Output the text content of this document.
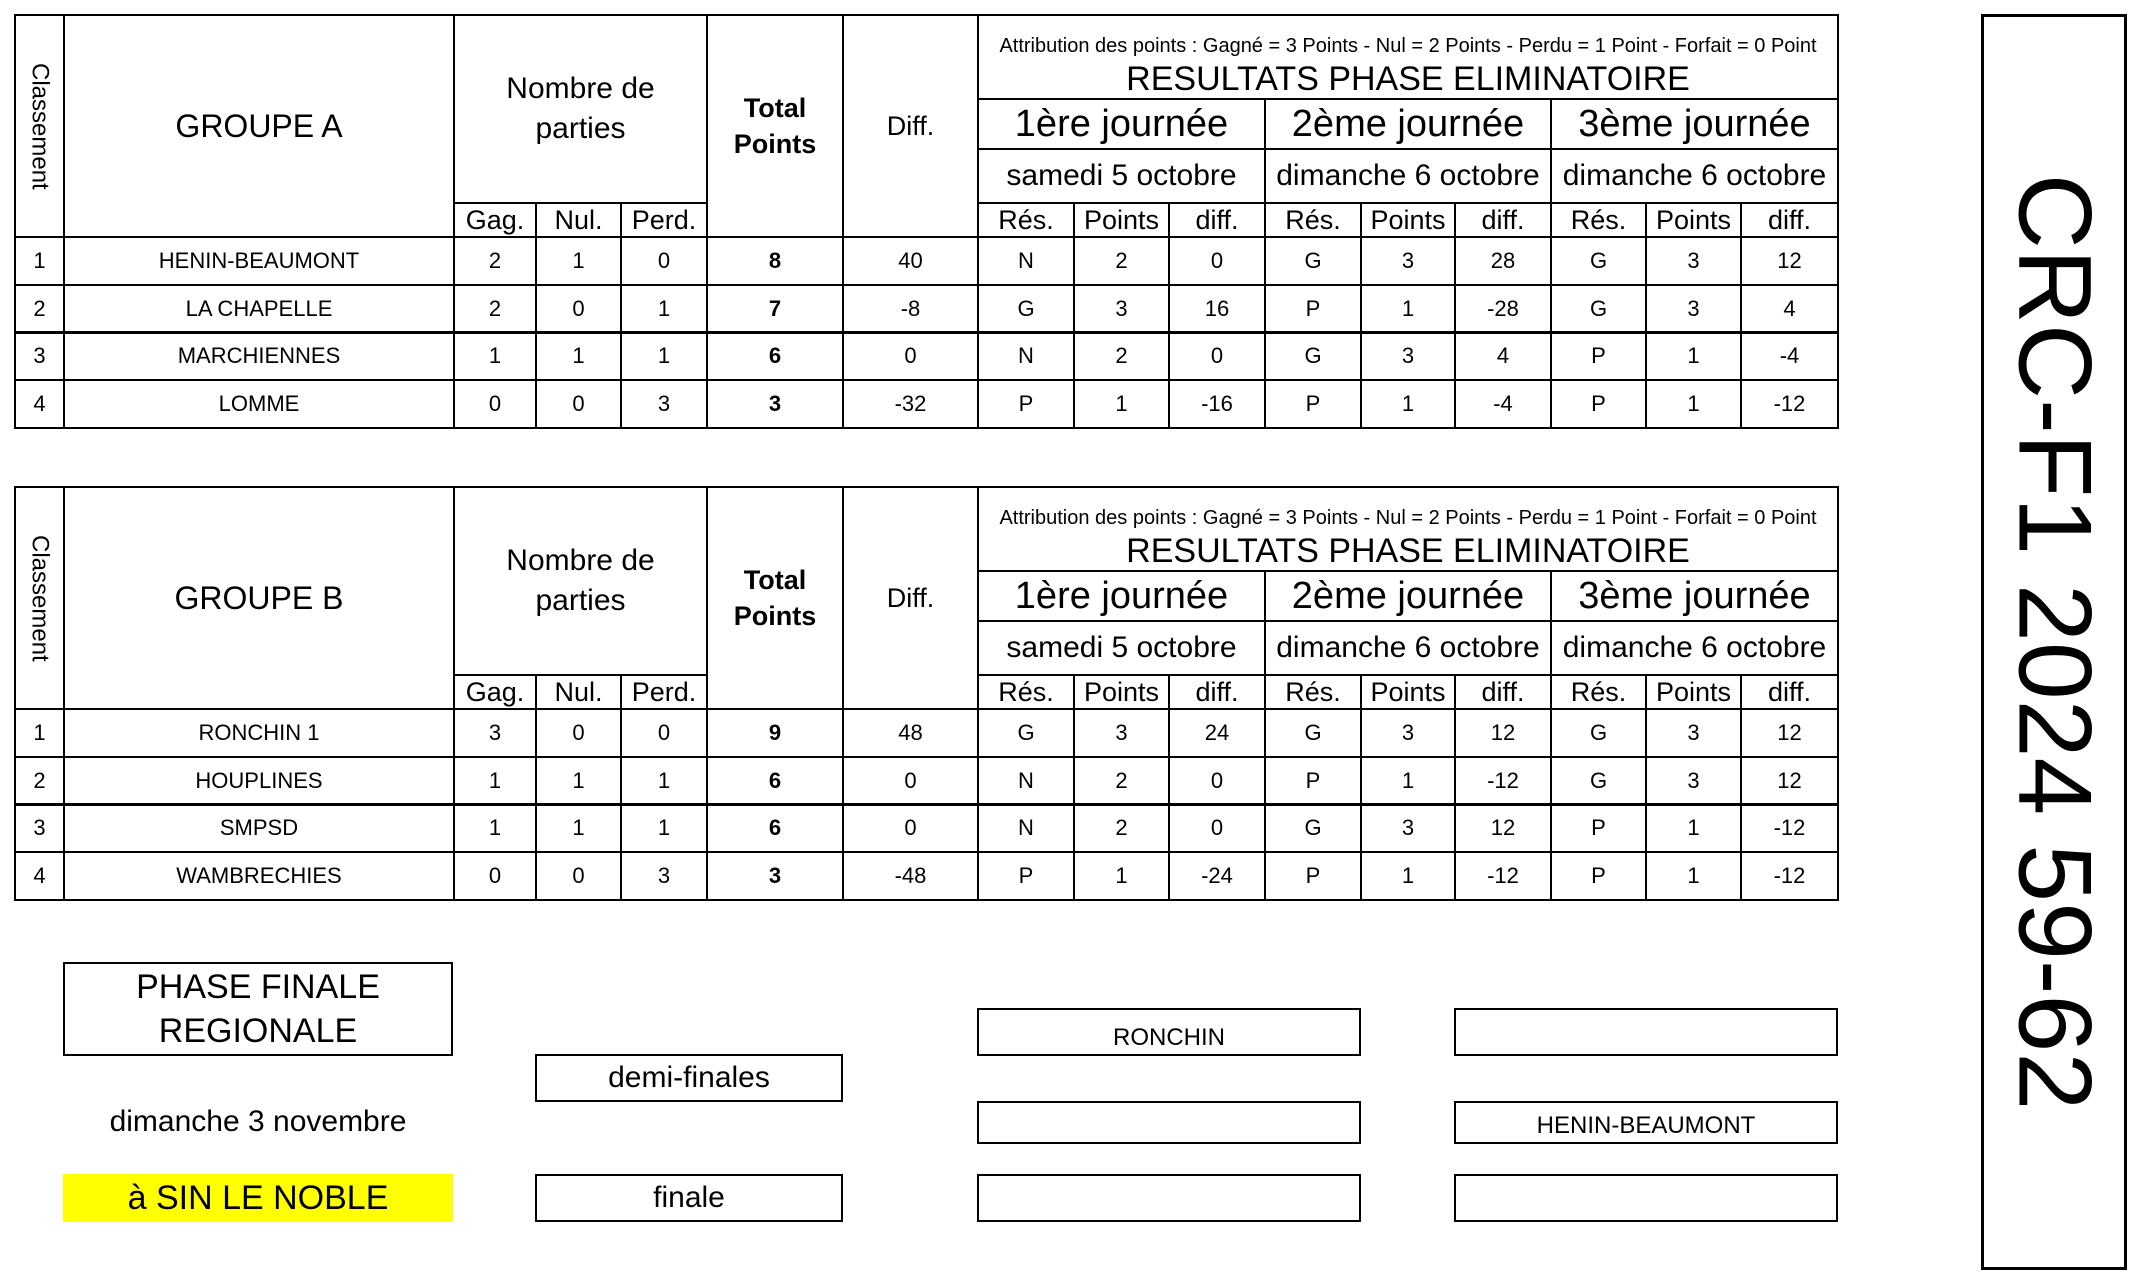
Classement	GROUPE A
Nombre de parties
Gag.	Nul.	Perd.
Total Points
Diff.
Attribution des points : Gagné = 3 Points - Nul = 2 Points - Perdu = 1 Point - Forfait = 0 Point
RESULTATS PHASE ELIMINATOIRE
1ère journée
samedi 5 octobre
Rés.	Points	diff.
2ème journée
dimanche 6 octobre
Rés.	Points	diff.
3ème journée
dimanche 6 octobre
Rés.	Points	diff.
1	HENIN-BEAUMONT	2	1	0	8	40	N	2	0	G	3	28	G	3	12
2	LA CHAPELLE	2	0	1	7	-8	G	3	16	P	1	-28	G	3	4
3	MARCHIENNES	1	1	1	6	0	N	2	0	G	3	4	P	1	-4
4	LOMME	0	0	3	3	-32	P	1	-16	P	1	-4	P	1	-12
Classement	GROUPE B
Nombre de parties
Gag.	Nul.	Perd.
Total Points
Diff.
Attribution des points : Gagné = 3 Points - Nul = 2 Points - Perdu = 1 Point - Forfait = 0 Point
RESULTATS PHASE ELIMINATOIRE
1ère journée
samedi 5 octobre
Rés.	Points	diff.
2ème journée
dimanche 6 octobre
Rés.	Points	diff.
3ème journée
dimanche 6 octobre
Rés.	Points	diff.
1	RONCHIN 1	3	0	0	9	48	G	3	24	G	3	12	G	3	12
2	HOUPLINES	1	1	1	6	0	N	2	0	P	1	-12	G	3	12
3	SMPSD	1	1	1	6	0	N	2	0	G	3	12	P	1	-12
4	WAMBRECHIES	0	0	3	3	-48	P	1	-24	P	1	-12	P	1	-12
PHASE FINALE
REGIONALE
dimanche 3 novembre
à SIN LE NOBLE
demi-finales
finale
RONCHIN
HENIN-BEAUMONT
CRC-F1 2024 59-62
